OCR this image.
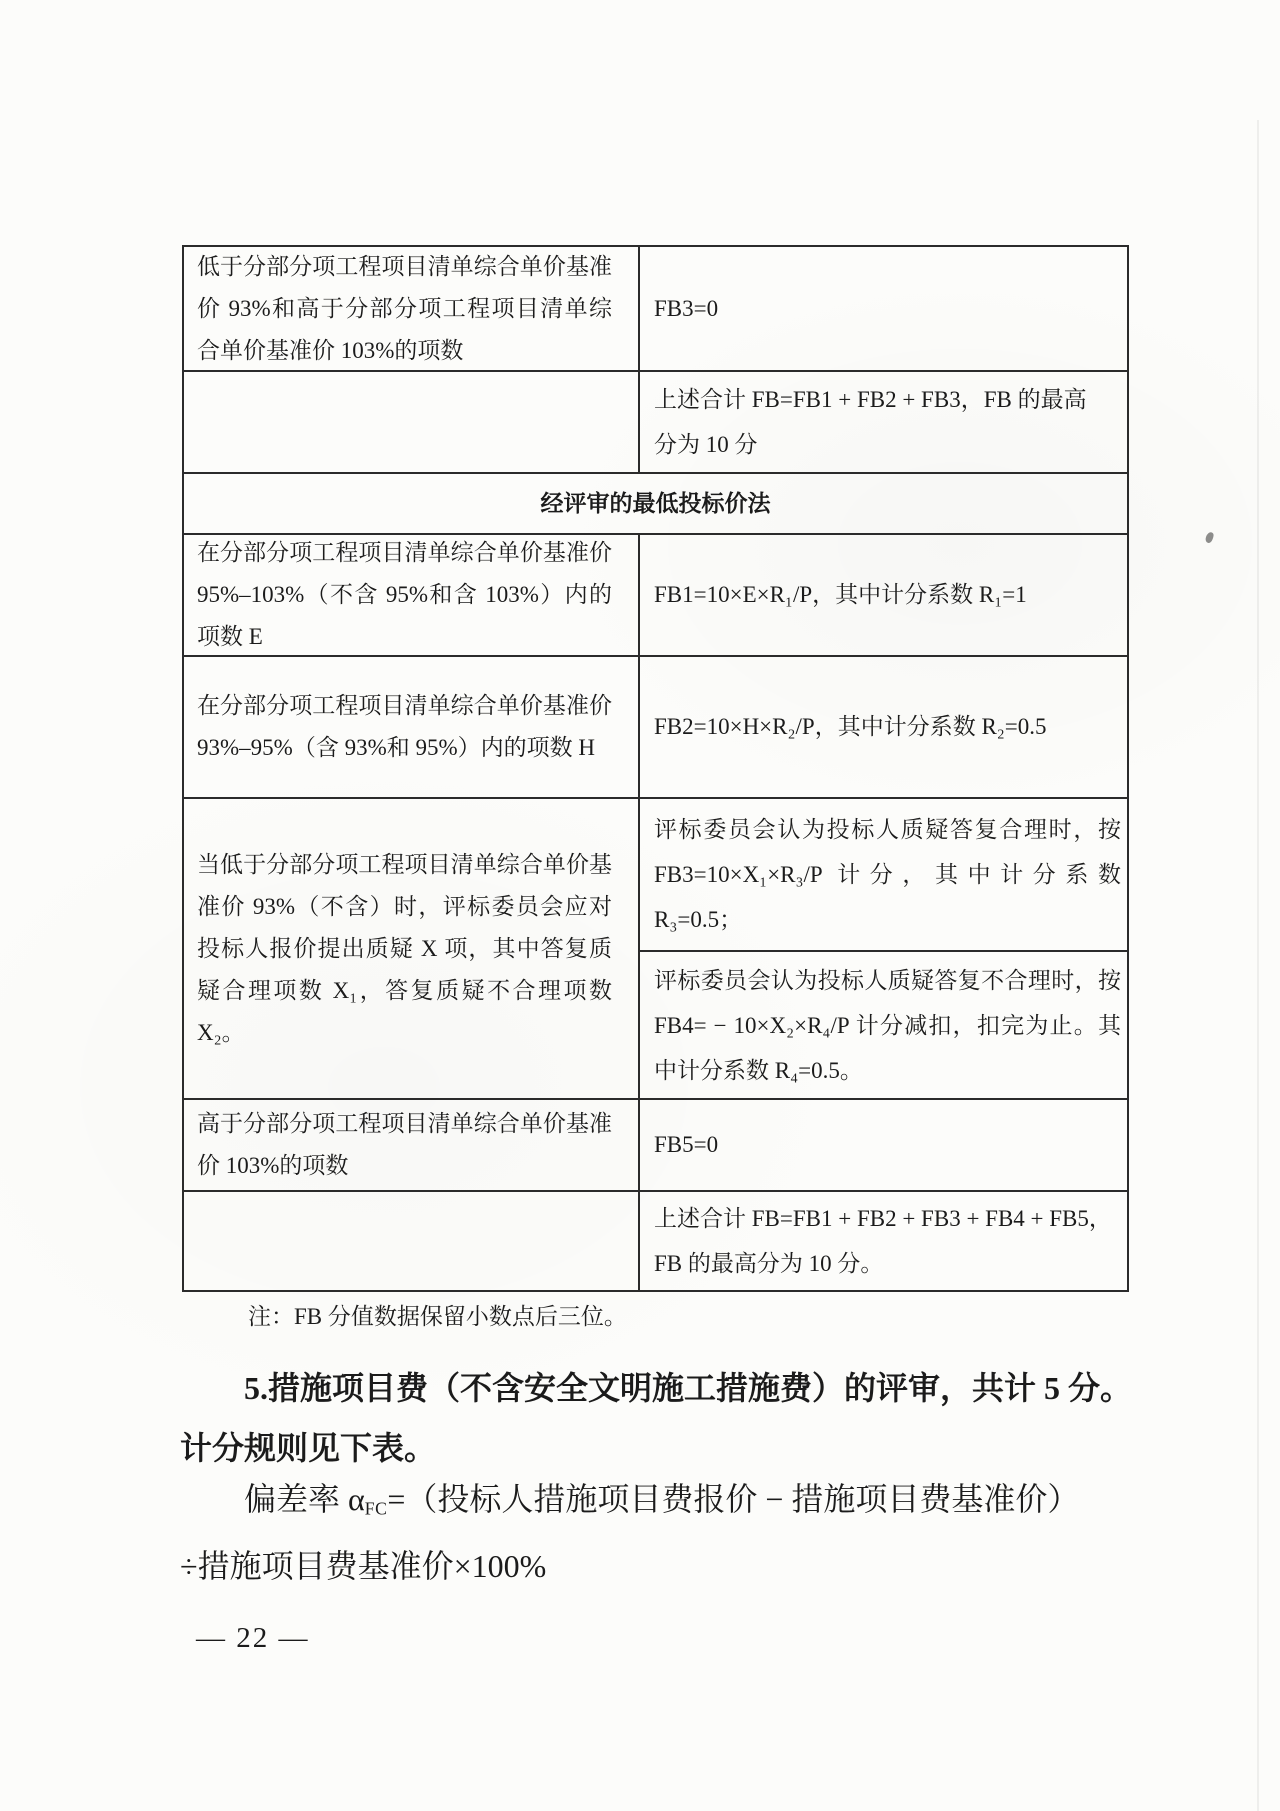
低于分部分项工程项目清单综合单价基准价 93%和高于分部分项工程项目清单综合单价基准价 103%的项数
FB3=0
上述合计 FB=FB1 + FB2 + FB3，FB 的最高
分为 10 分
经评审的最低投标价法
在分部分项工程项目清单综合单价基准价 95%–103%（不含 95%和含 103%）内的项数 E
FB1=10×E×R₁/P，其中计分系数 R₁=1
在分部分项工程项目清单综合单价基准价 93%–95%（含 93%和 95%）内的项数 H
FB2=10×H×R₂/P，其中计分系数 R₂=0.5
当低于分部分项工程项目清单综合单价基准价 93%（不含）时，评标委员会应对投标人报价提出质疑 X 项，其中答复质疑合理项数 X₁，答复质疑不合理项数 X₂。
评标委员会认为投标人质疑答复合理时，按 FB3=10×X₁×R₃/P 计分，其中计分系数 R₃=0.5；
评标委员会认为投标人质疑答复不合理时，按 FB4= − 10×X₂×R₄/P 计分减扣，扣完为止。其中计分系数 R₄=0.5。
高于分部分项工程项目清单综合单价基准价 103%的项数
FB5=0
上述合计 FB=FB1 + FB2 + FB3 + FB4 + FB5，
FB 的最高分为 10 分。
注：FB 分值数据保留小数点后三位。
5.措施项目费（不含安全文明施工措施费）的评审，共计 5 分。
计分规则见下表。
偏差率 $\alpha_{FC}=$（投标人措施项目费报价 − 措施项目费基准价）
÷措施项目费基准价×100%
— 22 —
